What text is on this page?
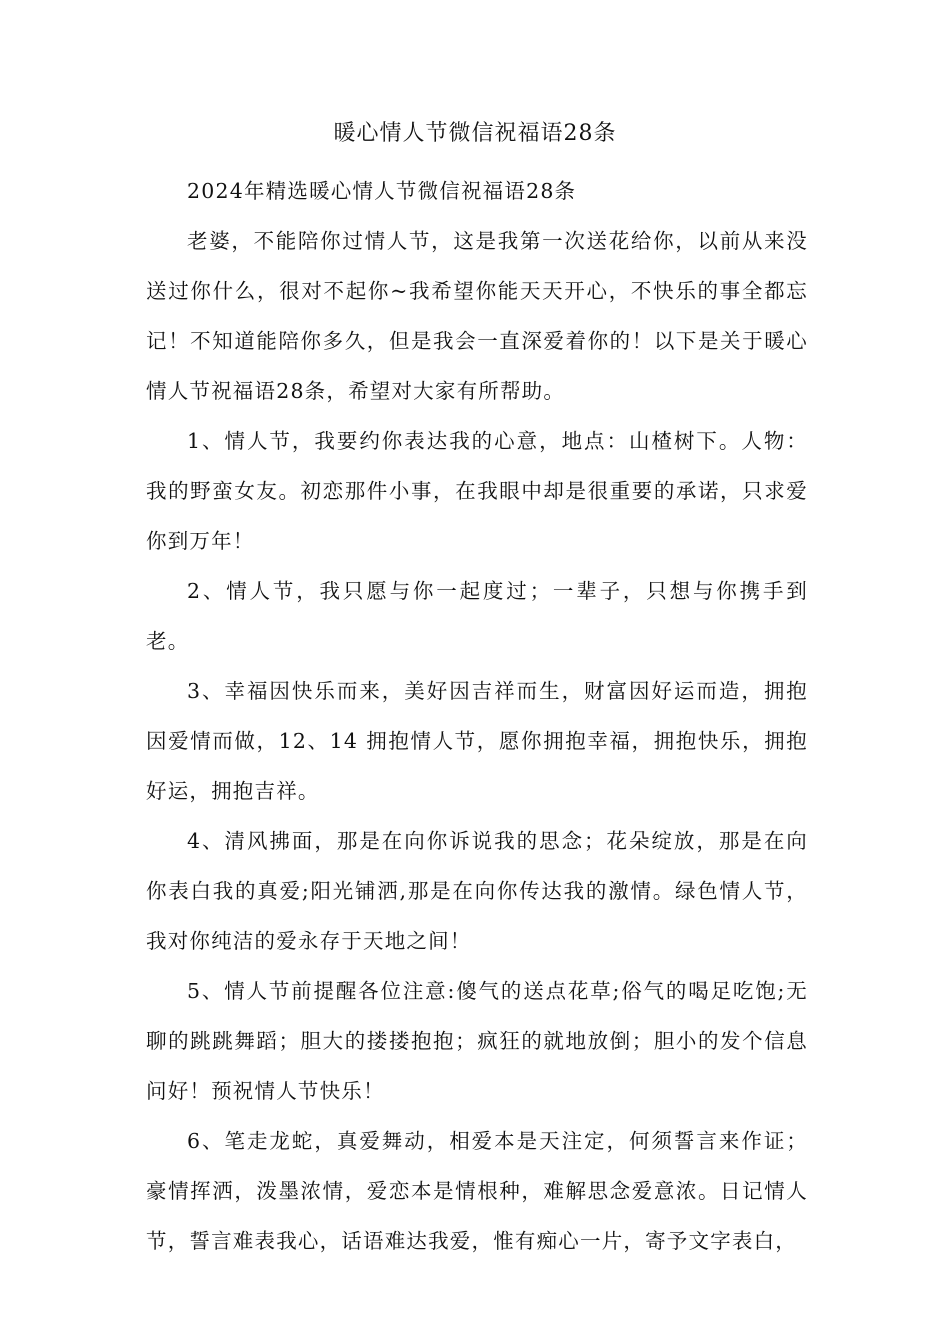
暖心情人节微信祝福语28条

2024年精选暖心情人节微信祝福语28条

老婆，不能陪你过情人节，这是我第一次送花给你，以前从来没送过你什么，很对不起你~我希望你能天天开心，不快乐的事全都忘记！不知道能陪你多久，但是我会一直深爱着你的！以下是关于暖心情人节祝福语28条，希望对大家有所帮助。

1、情人节，我要约你表达我的心意，地点：山楂树下。人物：我的野蛮女友。初恋那件小事，在我眼中却是很重要的承诺，只求爱你到万年！

2、情人节，我只愿与你一起度过；一辈子，只想与你携手到老。

3、幸福因快乐而来，美好因吉祥而生，财富因好运而造，拥抱因爱情而做，12、14 拥抱情人节，愿你拥抱幸福，拥抱快乐，拥抱好运，拥抱吉祥。

4、清风拂面，那是在向你诉说我的思念；花朵绽放，那是在向你表白我的真爱;阳光铺洒,那是在向你传达我的激情。绿色情人节，我对你纯洁的爱永存于天地之间！

5、情人节前提醒各位注意:傻气的送点花草;俗气的喝足吃饱;无聊的跳跳舞蹈；胆大的搂搂抱抱；疯狂的就地放倒；胆小的发个信息问好！预祝情人节快乐！

6、笔走龙蛇，真爱舞动，相爱本是天注定，何须誓言来作证；豪情挥洒，泼墨浓情，爱恋本是情根种，难解思念爱意浓。日记情人节，誓言难表我心，话语难达我爱，惟有痴心一片，寄予文字表白，
